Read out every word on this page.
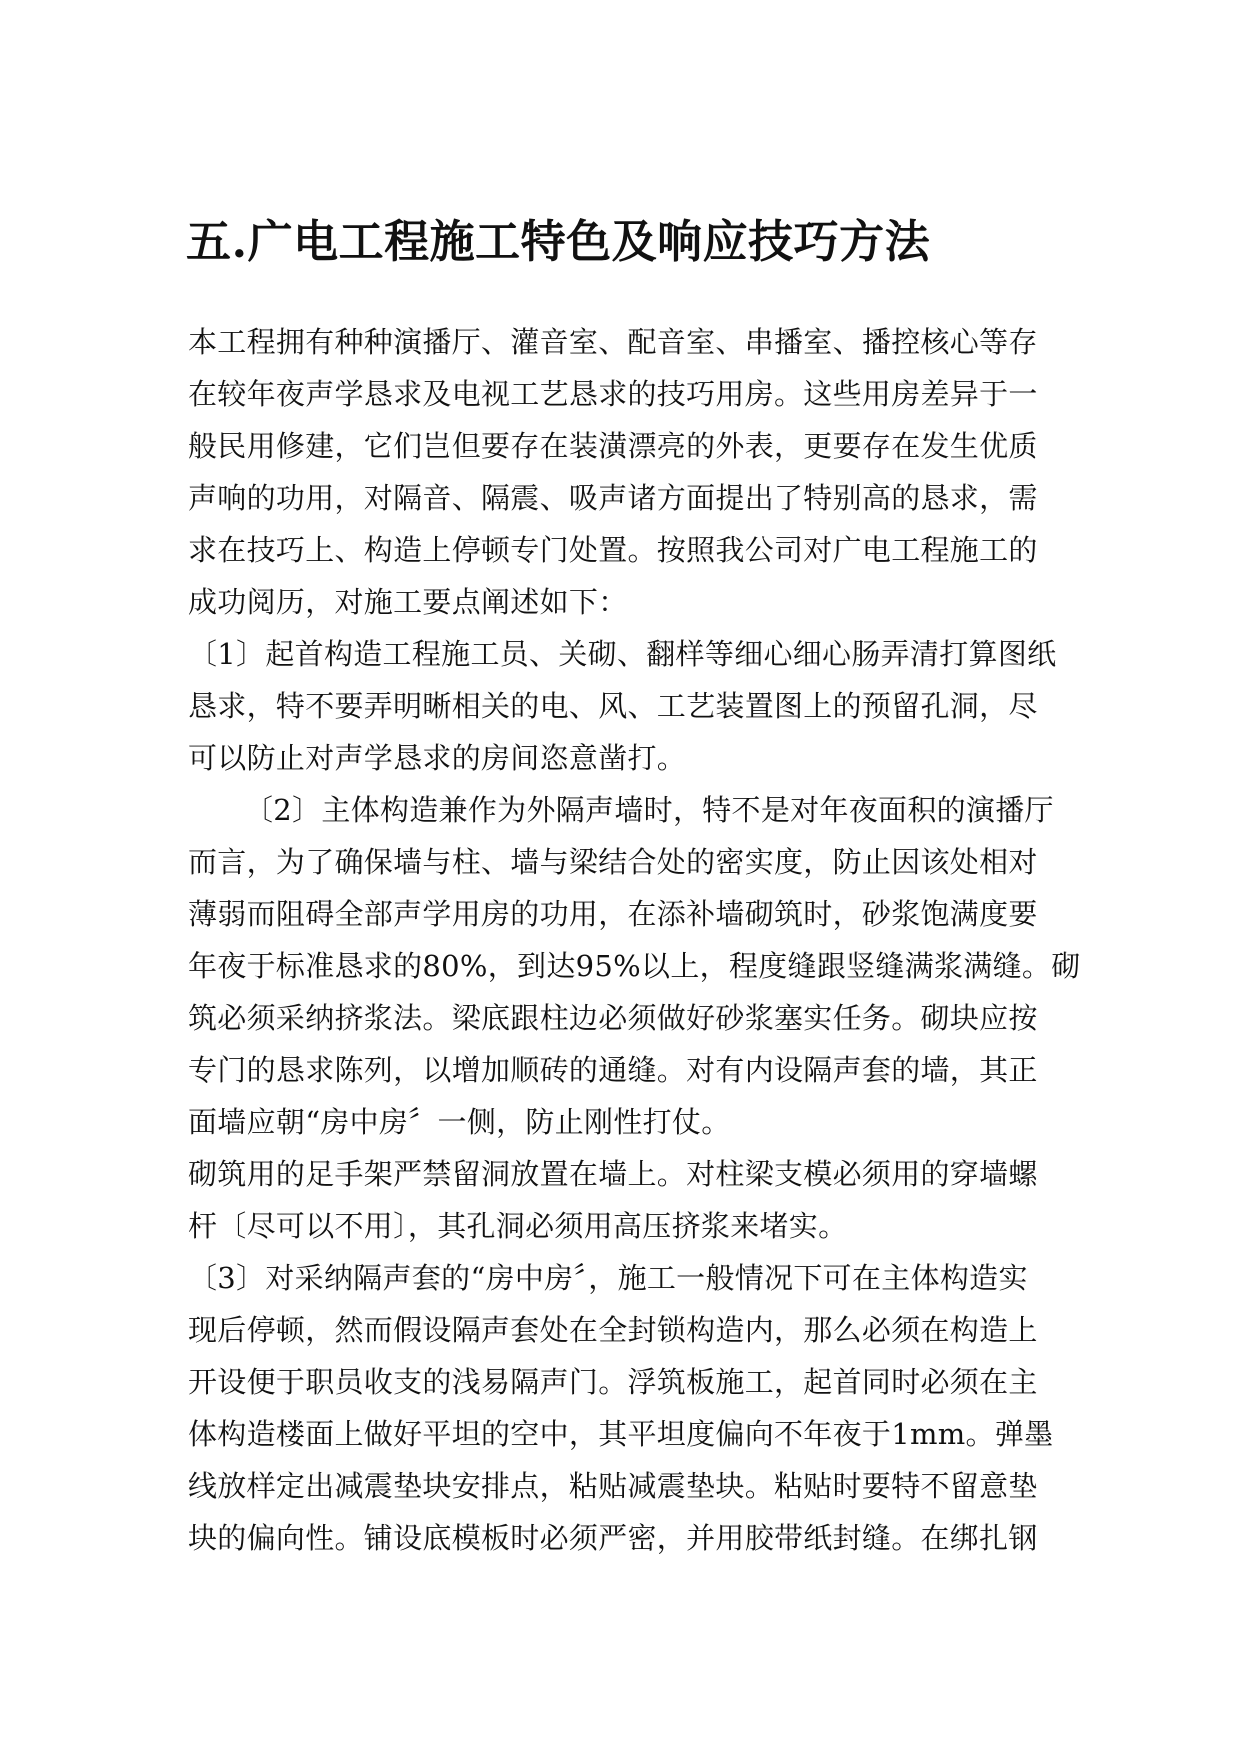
五.广电工程施工特色及响应技巧方法
本工程拥有种种演播厅、灌音室、配音室、串播室、播控核心等存
在较年夜声学恳求及电视工艺恳求的技巧用房。这些用房差异于一
般民用修建，它们岂但要存在装潢漂亮的外表，更要存在发生优质
声响的功用，对隔音、隔震、吸声诸方面提出了特别高的恳求，需
求在技巧上、构造上停顿专门处置。按照我公司对广电工程施工的
成功阅历，对施工要点阐述如下：
〔1〕起首构造工程施工员、关砌、翻样等细心细心肠弄清打算图纸
恳求，特不要弄明晰相关的电、风、工艺装置图上的预留孔洞，尽
可以防止对声学恳求的房间恣意凿打。
〔2〕主体构造兼作为外隔声墙时，特不是对年夜面积的演播厅
而言，为了确保墙与柱、墙与梁结合处的密实度，防止因该处相对
薄弱而阻碍全部声学用房的功用，在添补墙砌筑时，砂浆饱满度要
年夜于标准恳求的80%，到达95%以上，程度缝跟竖缝满浆满缝。砌
筑必须采纳挤浆法。梁底跟柱边必须做好砂浆塞实任务。砌块应按
专门的恳求陈列，以增加顺砖的通缝。对有内设隔声套的墙，其正
面墙应朝“房中房〞一侧，防止刚性打仗。
砌筑用的足手架严禁留洞放置在墙上。对柱梁支模必须用的穿墙螺
杆〔尽可以不用〕，其孔洞必须用高压挤浆来堵实。
〔3〕对采纳隔声套的“房中房〞，施工一般情况下可在主体构造实
现后停顿，然而假设隔声套处在全封锁构造内，那么必须在构造上
开设便于职员收支的浅易隔声门。浮筑板施工，起首同时必须在主
体构造楼面上做好平坦的空中，其平坦度偏向不年夜于1mm。弹墨
线放样定出减震垫块安排点，粘贴减震垫块。粘贴时要特不留意垫
块的偏向性。铺设底模板时必须严密，并用胶带纸封缝。在绑扎钢
